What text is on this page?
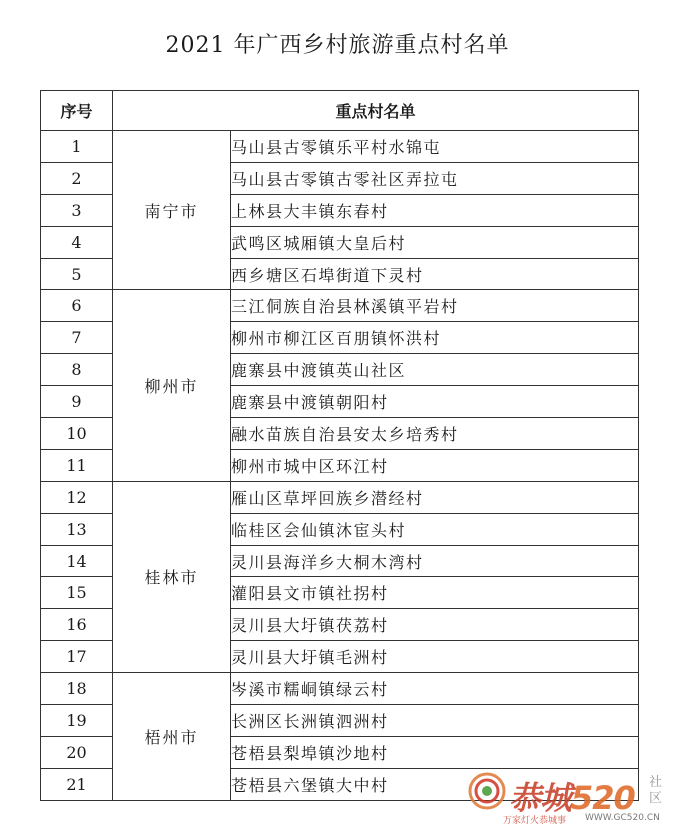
2021 年广西乡村旅游重点村名单
序号	重点村名单	
1	南宁市	马山县古零镇乐平村水锦屯
2		马山县古零镇古零社区弄拉屯
3		上林县大丰镇东春村
4		武鸣区城厢镇大皇后村
5		西乡塘区石埠街道下灵村
6	柳州市	三江侗族自治县林溪镇平岩村
7		柳州市柳江区百朋镇怀洪村
8		鹿寨县中渡镇英山社区
9		鹿寨县中渡镇朝阳村
10		融水苗族自治县安太乡培秀村
11		柳州市城中区环江村
12	桂林市	雁山区草坪回族乡潜经村
13		临桂区会仙镇沐宦头村
14		灵川县海洋乡大桐木湾村
15		灌阳县文市镇社拐村
16		灵川县大圩镇茯荔村
17		灵川县大圩镇毛洲村
18	梧州市	岑溪市糯峒镇绿云村
19		长洲区长洲镇泗洲村
20		苍梧县梨埠镇沙地村
21		苍梧县六堡镇大中村	恭城520 社区
万家灯火恭城事 WWW.GC520.CN
